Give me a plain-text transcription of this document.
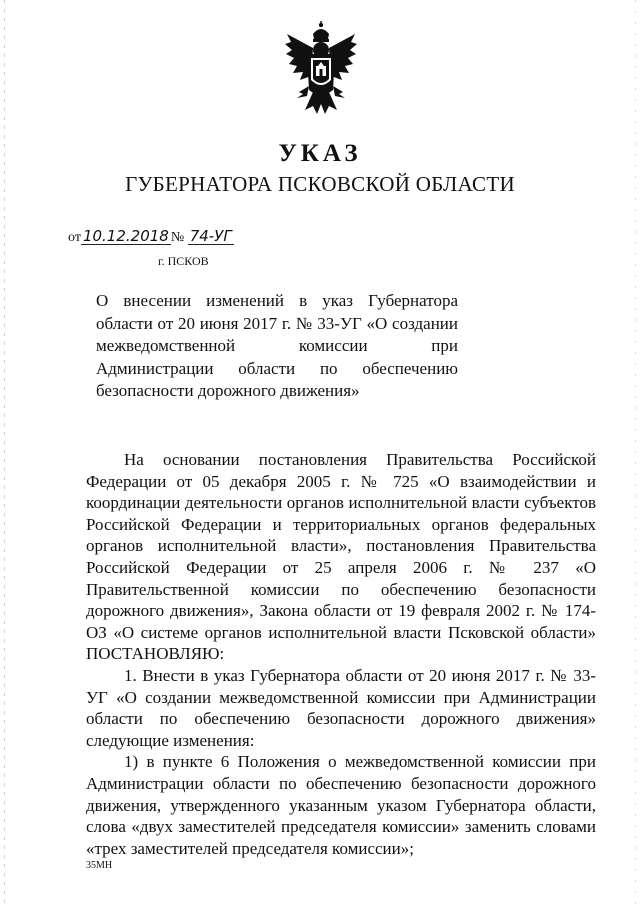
УКАЗ
ГУБЕРНАТОРА ПСКОВСКОЙ ОБЛАСТИ
от 10.12.2018 № 74-УГ
г. ПСКОВ
О внесении изменений в указ Губернатора области от 20 июня 2017 г. № 33-УГ «О создании межведомственной комиссии при Администрации области по обеспечению безопасности дорожного движения»

На основании постановления Правительства Российской Федерации от 05 декабря 2005 г. № 725 «О взаимодействии и координации деятельности органов исполнительной власти субъектов Российской Федерации и территориальных органов федеральных органов исполнительной власти», постановления Правительства Российской Федерации от 25 апреля 2006 г. № 237 «О Правительственной комиссии по обеспечению безопасности дорожного движения», Закона области от 19 февраля 2002 г. № 174-ОЗ «О системе органов исполнительной власти Псковской области» ПОСТАНОВЛЯЮ:

1. Внести в указ Губернатора области от 20 июня 2017 г. № 33-УГ «О создании межведомственной комиссии при Администрации области по обеспечению безопасности дорожного движения» следующие изменения:

1) в пункте 6 Положения о межведомственной комиссии при Администрации области по обеспечению безопасности дорожного движения, утвержденного указанным указом Губернатора области, слова «двух заместителей председателя комиссии» заменить словами «трех заместителей председателя комиссии»;

35МН
